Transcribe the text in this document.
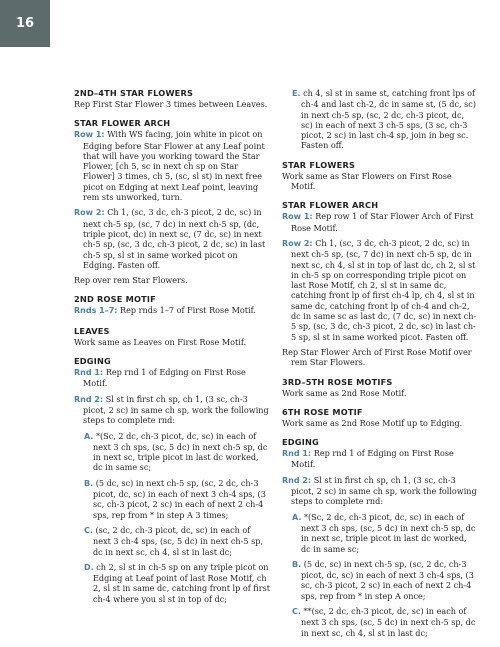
16
2ND–4TH STAR FLOWERS
Rep First Star Flower 3 times between Leaves.
STAR FLOWER ARCH
Row 1: With WS facing, join white in picot on Edging before Star Flower at any Leaf point that will have you working toward the Star Flower, [ch 5, sc in next ch sp on Star Flower] 3 times, ch 5, (sc, sl st) in next free picot on Edging at next Leaf point, leaving rem sts unworked, turn.
Row 2: Ch 1, (sc, 3 dc, ch-3 picot, 2 dc, sc) in next ch-5 sp, (sc, 7 dc) in next ch-5 sp, (dc, triple picot, dc) in next sc, (7 dc, sc) in next ch-5 sp, (sc, 3 dc, ch-3 picot, 2 dc, sc) in last ch-5 sp, sl st in same worked picot on Edging. Fasten off.
Rep over rem Star Flowers.
2ND ROSE MOTIF
Rnds 1–7: Rep rnds 1–7 of First Rose Motif.
LEAVES
Work same as Leaves on First Rose Motif.
EDGING
Rnd 1: Rep rnd 1 of Edging on First Rose Motif.
Rnd 2: Sl st in first ch sp, ch 1, (3 sc, ch-3 picot, 2 sc) in same ch sp, work the following steps to complete rnd:
A. *(Sc, 2 dc, ch-3 picot, dc, sc) in each of next 3 ch sps, (sc, 5 dc) in next ch-5 sp, dc in next sc, triple picot in last dc worked, dc in same sc;
B. (5 dc, sc) in next ch-5 sp, (sc, 2 dc, ch-3 picot, dc, sc) in each of next 3 ch-4 sps, (3 sc, ch-3 picot, 2 sc) in each of next 2 ch-4 sps, rep from * in step A 3 times;
C. (sc, 2 dc, ch-3 picot, dc, sc) in each of next 3 ch-4 sps, (sc, 5 dc) in next ch-5 sp, dc in next sc, ch 4, sl st in last dc;
D. ch 2, sl st in ch-5 sp on any triple picot on Edging at Leaf point of last Rose Motif, ch 2, sl st in same dc, catching front lp of first ch-4 where you sl st in top of dc;
E. ch 4, sl st in same st, catching front lps of ch-4 and last ch-2, dc in same st, (5 dc, sc) in next ch-5 sp, (sc, 2 dc, ch-3 picot, dc, sc) in each of next 3 ch-5 sps, (3 sc, ch-3 picot, 2 sc) in last ch-4 sp, join in beg sc. Fasten off.
STAR FLOWERS
Work same as Star Flowers on First Rose Motif.
STAR FLOWER ARCH
Row 1: Rep row 1 of Star Flower Arch of First Rose Motif.
Row 2: Ch 1, (sc, 3 dc, ch-3 picot, 2 dc, sc) in next ch-5 sp, (sc, 7 dc) in next ch-5 sp, dc in next sc, ch 4, sl st in top of last dc, ch 2, sl st in ch-5 sp on corresponding triple picot on last Rose Motif, ch 2, sl st in same dc, catching front lp of first ch-4 lp, ch 4, sl st in same dc, catching front lp of ch-4 and ch-2, dc in same sc as last dc, (7 dc, sc) in next ch-5 sp, (sc, 3 dc, ch-3 picot, 2 dc, sc) in last ch-5 sp, sl st in same worked picot. Fasten off.
Rep Star Flower Arch of First Rose Motif over rem Star Flowers.
3RD–5TH ROSE MOTIFS
Work same as 2nd Rose Motif.
6TH ROSE MOTIF
Work same as 2nd Rose Motif up to Edging.
EDGING
Rnd 1: Rep rnd 1 of Edging on First Rose Motif.
Rnd 2: Sl st in first ch sp, ch 1, (3 sc, ch-3 picot, 2 sc) in same ch sp, work the following steps to complete rnd:
A. *(Sc, 2 dc, ch-3 picot, dc, sc) in each of next 3 ch sps, (sc, 5 dc) in next ch-5 sp, dc in next sc, triple picot in last dc worked, dc in same sc;
B. (5 dc, sc) in next ch-5 sp, (sc, 2 dc, ch-3 picot, dc, sc) in each of next 3 ch-4 sps, (3 sc, ch-3 picot, 2 sc) in each of next 2 ch-4 sps, rep from * in step A once;
C. **(sc, 2 dc, ch-3 picot, dc, sc) in each of next 3 ch sps, (sc, 5 dc) in next ch-5 sp, dc in next sc, ch 4, sl st in last dc;
